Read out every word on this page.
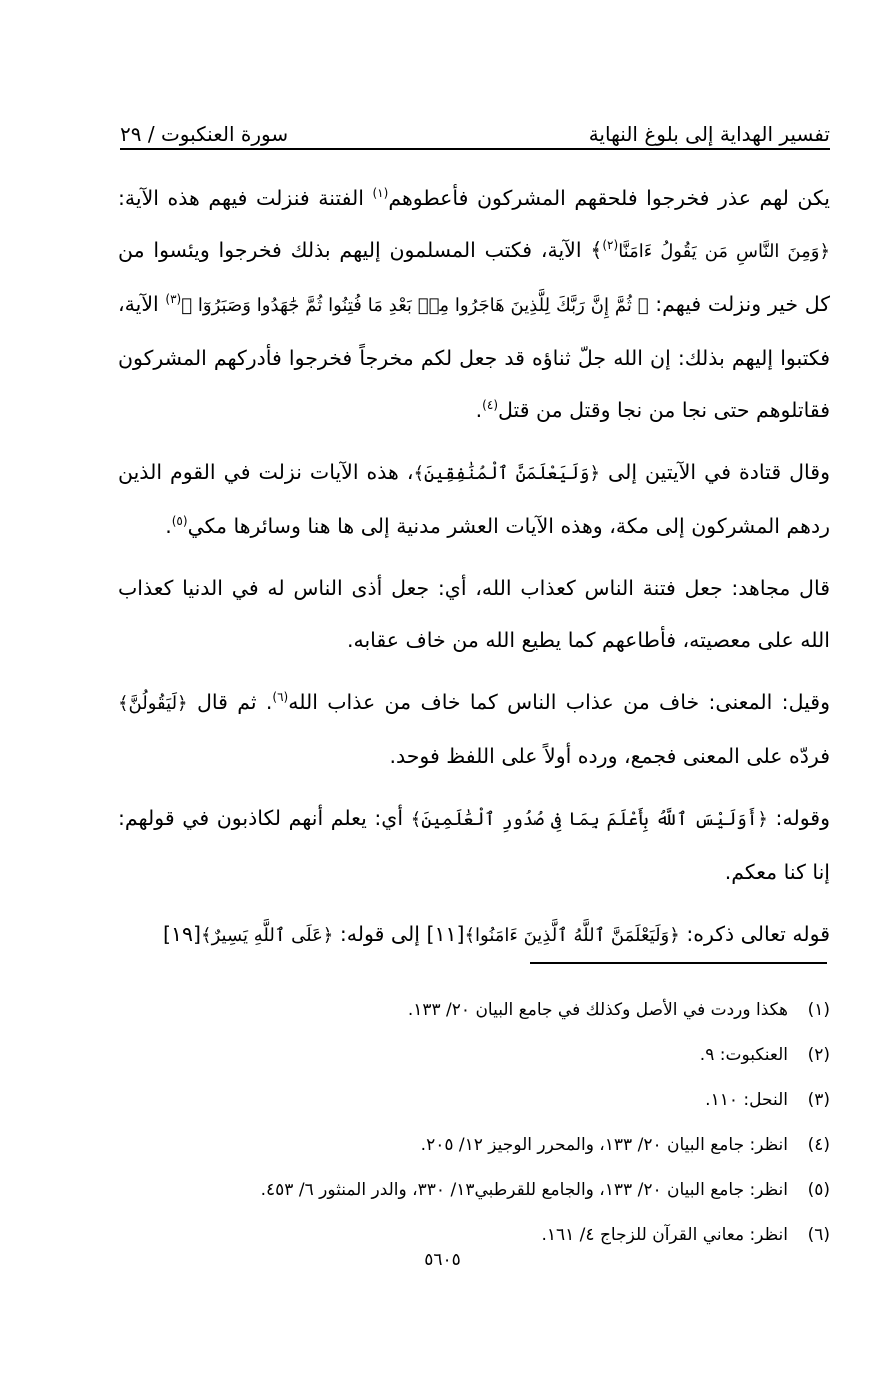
تفسير الهداية إلى بلوغ النهاية
سورة العنكبوت / ٢٩

يكن لهم عذر فخرجوا فلحقهم المشركون فأعطوهم$^{(١)}$ الفتنة فنزلت فيهم هذه الآية: ﴿وَمِنَ النَّاسِ مَن يَقُولُ ءَامَنَّا$^{(٢)}$﴾ الآية، فكتب المسلمون إليهم بذلك فخرجوا ويئسوا من كل خير ونزلت فيهم: ﴿ ثُمَّ إِنَّ رَبَّكَ لِلَّذِينَ هَاجَرُوا مِنۢ بَعْدِ مَا فُتِنُوا ثُمَّ جَٰهَدُوا وَصَبَرُوٓا ﴾$^{(٣)}$ الآية، فكتبوا إليهم بذلك: إن الله جلّ ثناؤه قد جعل لكم مخرجاً فخرجوا فأدركهم المشركون فقاتلوهم حتى نجا من نجا وقتل من قتل$^{(٤)}$.

وقال قتادة في الآيتين إلى ﴿وَلَيَعْلَمَنَّ ٱلْمُنَٰفِقِينَ﴾، هذه الآيات نزلت في القوم الذين ردهم المشركون إلى مكة، وهذه الآيات العشر مدنية إلى ها هنا وسائرها مكي$^{(٥)}$.

قال مجاهد: جعل فتنة الناس كعذاب الله، أي: جعل أذى الناس له في الدنيا كعذاب الله على معصيته، فأطاعهم كما يطيع الله من خاف عقابه.

وقيل: المعنى: خاف من عذاب الناس كما خاف من عذاب الله$^{(٦)}$. ثم قال ﴿لَيَقُولُنَّ﴾ فردّه على المعنى فجمع، ورده أولاً على اللفظ فوحد.

وقوله: ﴿أَوَلَيْسَ ٱللَّهُ بِأَعْلَمَ بِمَا فِى صُدُورِ ٱلْعَٰلَمِينَ﴾ أي: يعلم أنهم لكاذبون في قولهم: إنا كنا معكم.

قوله تعالى ذكره: ﴿وَلَيَعْلَمَنَّ ٱللَّهُ ٱلَّذِينَ ءَامَنُوا﴾[١١] إلى قوله: ﴿عَلَى ٱللَّهِ يَسِيرٌ﴾[١٩]

(١)
هكذا وردت في الأصل وكذلك في جامع البيان ٢٠/ ١٣٣.
(٢)
العنكبوت: ٩.
(٣)
النحل: ١١٠.
(٤)
انظر: جامع البيان ٢٠/ ١٣٣، والمحرر الوجيز ١٢/ ٢٠٥.
(٥)
انظر: جامع البيان ٢٠/ ١٣٣، والجامع للقرطبي١٣/ ٣٣٠، والدر المنثور ٦/ ٤٥٣.
(٦)
انظر: معاني القرآن للزجاج ٤/ ١٦١.
٥٦٠٥
